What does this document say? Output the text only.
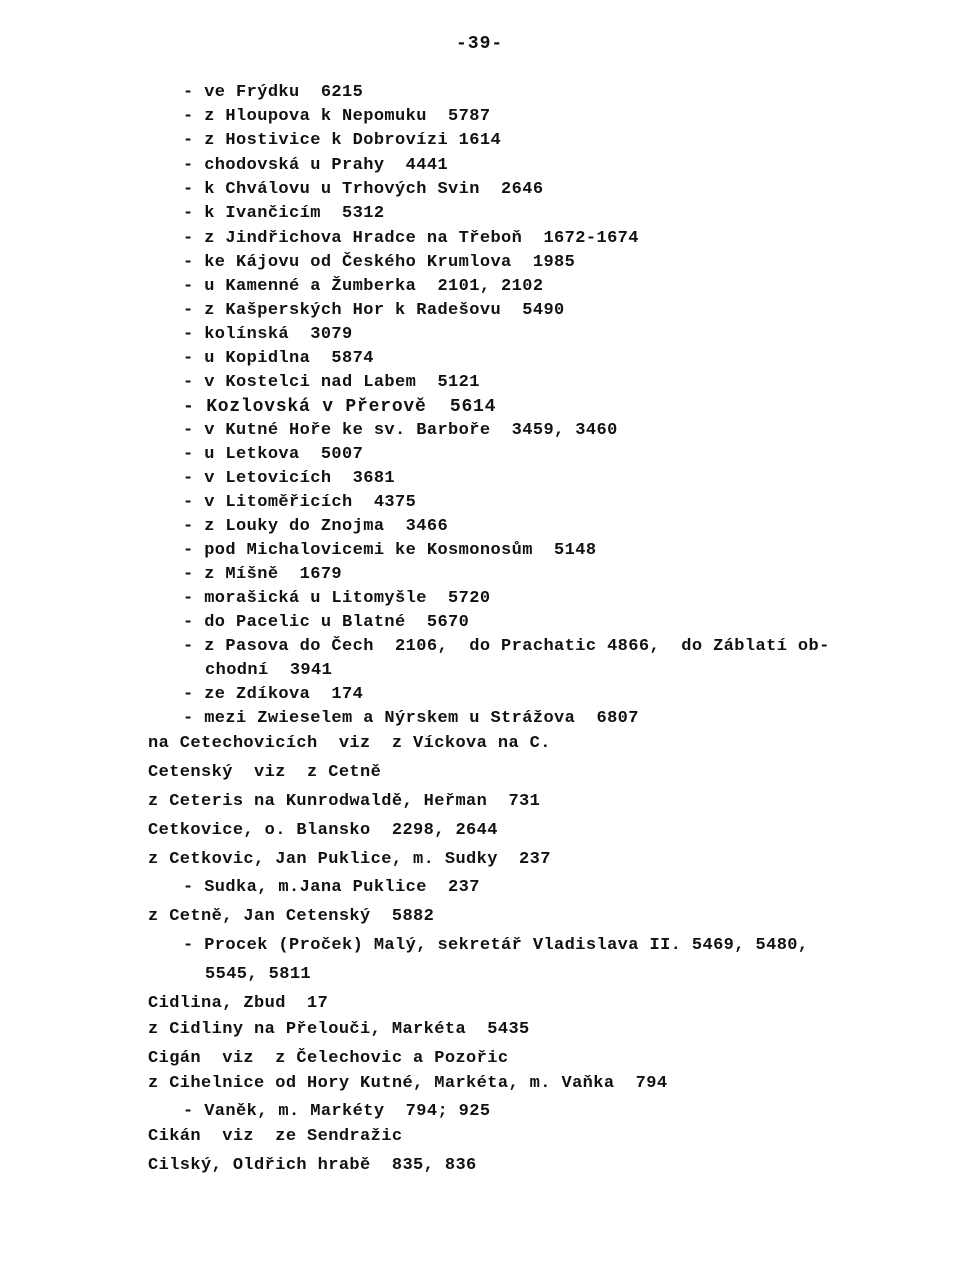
-39-
- ve Frýdku  6215
- z Hloupova k Nepomuku  5787
- z Hostivice k Dobrovízi 1614
- chodovská u Prahy  4441
- k Chválovu u Trhových Svin  2646
- k Ivančicím  5312
- z Jindřichova Hradce na Třeboň  1672-1674
- ke Kájovu od Českého Krumlova  1985
- u Kamenné a Žumberka  2101, 2102
- z Kašperských Hor k Radešovu  5490
- kolínská  3079
- u Kopidlna  5874
- v Kostelci nad Labem  5121
- Kozlovská v Přerově  5614
- v Kutné Hoře ke sv. Barboře  3459, 3460
- u Letkova  5007
- v Letovicích  3681
- v Litoměřicích  4375
- z Louky do Znojma  3466
- pod Michalovicemi ke Kosmonosům  5148
- z Míšně  1679
- morašická u Litomyšle  5720
- do Pacelic u Blatné  5670
- z Pasova do Čech  2106,  do Prachatic 4866,  do Záblatí ob-
chodní  3941
- ze Zdíkova  174
- mezi Zwieselem a Nýrskem u Strážova  6807
na Cetechovicích  viz  z Víckova na C.
Cetenský  viz  z Cetně
z Ceteris na Kunrodwaldě, Heřman  731
Cetkovice, o. Blansko  2298, 2644
z Cetkovic, Jan Puklice, m. Sudky  237
- Sudka, m.Jana Puklice  237
z Cetně, Jan Cetenský  5882
- Procek (Proček) Malý, sekretář Vladislava II. 5469, 5480,
5545, 5811
Cidlina, Zbud  17
z Cidliny na Přelouči, Markéta  5435
Cigán  viz  z Čelechovic a Pozořic
z Cihelnice od Hory Kutné, Markéta, m. Vaňka  794
- Vaněk, m. Markéty  794; 925
Cikán  viz  ze Sendražic
Cilský, Oldřich hrabě  835, 836
